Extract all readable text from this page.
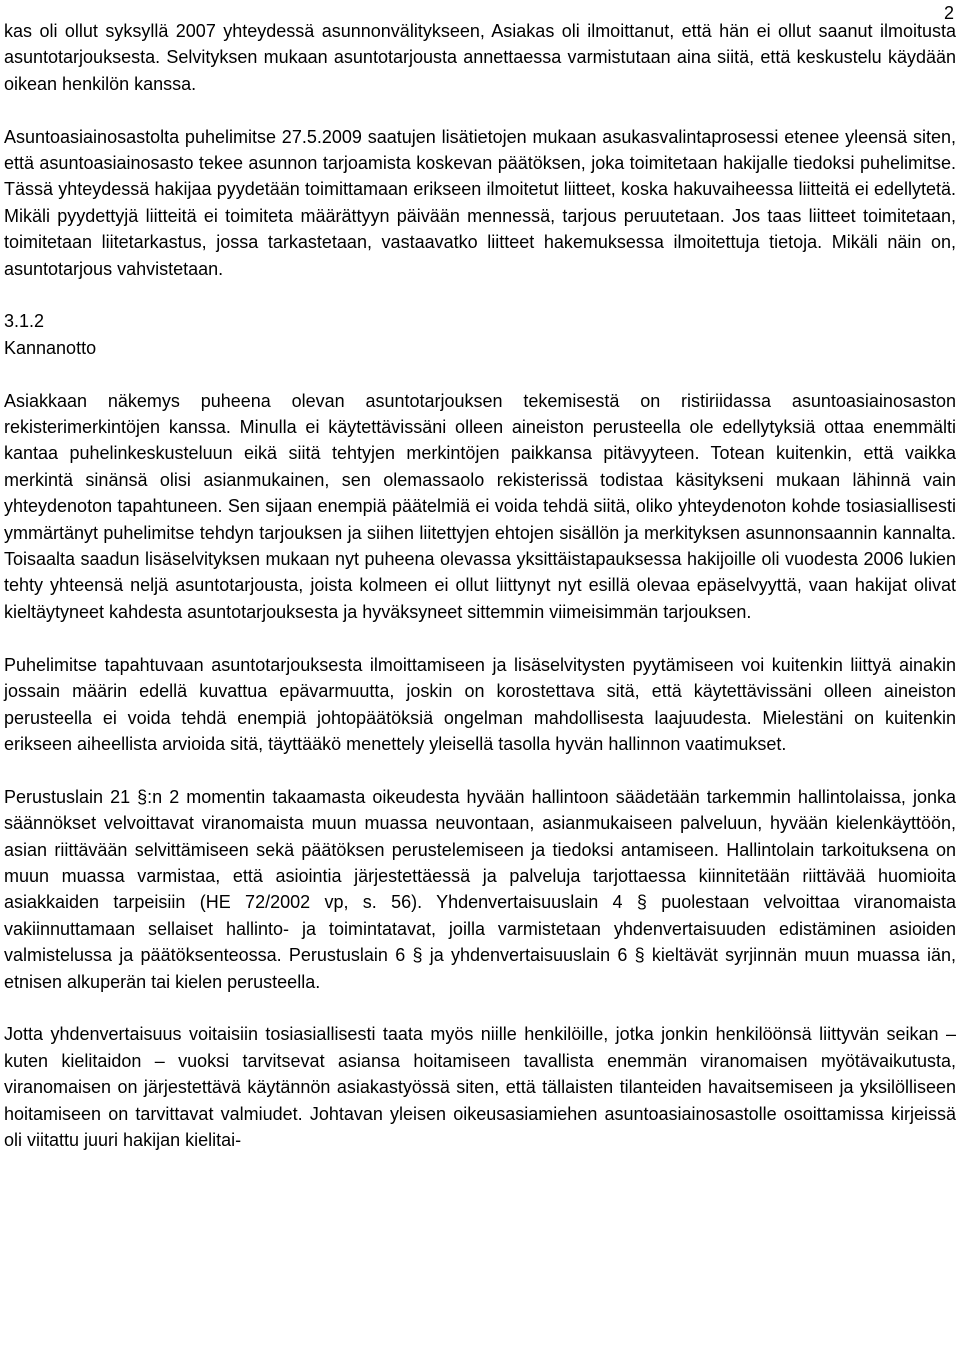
2

kas oli ollut syksyllä 2007 yhteydessä asunnonvälitykseen, Asiakas oli ilmoittanut, että hän ei ollut saanut ilmoitusta asuntotarjouksesta. Selvityksen mukaan asuntotarjousta annettaessa varmistutaan aina siitä, että keskustelu käydään oikean henkilön kanssa.

Asuntoasiainosastolta puhelimitse 27.5.2009 saatujen lisätietojen mukaan asukasvalintaprosessi etenee yleensä siten, että asuntoasiainosasto tekee asunnon tarjoamista koskevan päätöksen, joka toimitetaan hakijalle tiedoksi puhelimitse. Tässä yhteydessä hakijaa pyydetään toimittamaan erikseen ilmoitetut liitteet, koska hakuvaiheessa liitteitä ei edellytetä. Mikäli pyydettyjä liitteitä ei toimiteta määrättyyn päivään mennessä, tarjous peruutetaan. Jos taas liitteet toimitetaan, toimitetaan liitetarkastus, jossa tarkastetaan, vastaavatko liitteet hakemuksessa ilmoitettuja tietoja. Mikäli näin on, asuntotarjous vahvistetaan.

3.1.2
Kannanotto

Asiakkaan näkemys puheena olevan asuntotarjouksen tekemisestä on ristiriidassa asuntoasiainosaston rekisterimerkintöjen kanssa. Minulla ei käytettävissäni olleen aineiston perusteella ole edellytyksiä ottaa enemmälti kantaa puhelinkeskusteluun eikä siitä tehtyjen merkintöjen paikkansa pitävyyteen. Totean kuitenkin, että vaikka merkintä sinänsä olisi asianmukainen, sen olemassaolo rekisterissä todistaa käsitykseni mukaan lähinnä vain yhteydenoton tapahtuneen. Sen sijaan enempiä päätelmiä ei voida tehdä siitä, oliko yhteydenoton kohde tosiasiallisesti ymmärtänyt puhelimitse tehdyn tarjouksen ja siihen liitettyjen ehtojen sisällön ja merkityksen asunnonsaannin kannalta. Toisaalta saadun lisäselvityksen mukaan nyt puheena olevassa yksittäistapauksessa hakijoille oli vuodesta 2006 lukien tehty yhteensä neljä asuntotarjousta, joista kolmeen ei ollut liittynyt nyt esillä olevaa epäselvyyttä, vaan hakijat olivat kieltäytyneet kahdesta asuntotarjouksesta ja hyväksyneet sittemmin viimeisimmän tarjouksen.

Puhelimitse tapahtuvaan asuntotarjouksesta ilmoittamiseen ja lisäselvitysten pyytämiseen voi kuitenkin liittyä ainakin jossain määrin edellä kuvattua epävarmuutta, joskin on korostettava sitä, että käytettävissäni olleen aineiston perusteella ei voida tehdä enempiä johtopäätöksiä ongelman mahdollisesta laajuudesta. Mielestäni on kuitenkin erikseen aiheellista arvioida sitä, täyttääkö menettely yleisellä tasolla hyvän hallinnon vaatimukset.

Perustuslain 21 §:n 2 momentin takaamasta oikeudesta hyvään hallintoon säädetään tarkemmin hallintolaissa, jonka säännökset velvoittavat viranomaista muun muassa neuvontaan, asianmukaiseen palveluun, hyvään kielenkäyttöön, asian riittävään selvittämiseen sekä päätöksen perustelemiseen ja tiedoksi antamiseen. Hallintolain tarkoituksena on muun muassa varmistaa, että asiointia järjestettäessä ja palveluja tarjottaessa kiinnitetään riittävää huomioita asiakkaiden tarpeisiin (HE 72/2002 vp, s. 56). Yhdenvertaisuuslain 4 § puolestaan velvoittaa viranomaista vakiinnuttamaan sellaiset hallinto- ja toimintatavat, joilla varmistetaan yhdenvertaisuuden edistäminen asioiden valmistelussa ja päätöksenteossa. Perustuslain 6 § ja yhdenvertaisuuslain 6 § kieltävät syrjinnän muun muassa iän, etnisen alkuperän tai kielen perusteella.

Jotta yhdenvertaisuus voitaisiin tosiasiallisesti taata myös niille henkilöille, jotka jonkin henkilöönsä liittyvän seikan – kuten kielitaidon – vuoksi tarvitsevat asiansa hoitamiseen tavallista enemmän viranomaisen myötävaikutusta, viranomaisen on järjestettävä käytännön asiakastyössä siten, että tällaisten tilanteiden havaitsemiseen ja yksilölliseen hoitamiseen on tarvittavat valmiudet. Johtavan yleisen oikeusasiamiehen asuntoasiainosastolle osoittamissa kirjeissä oli viitattu juuri hakijan kielitai-
